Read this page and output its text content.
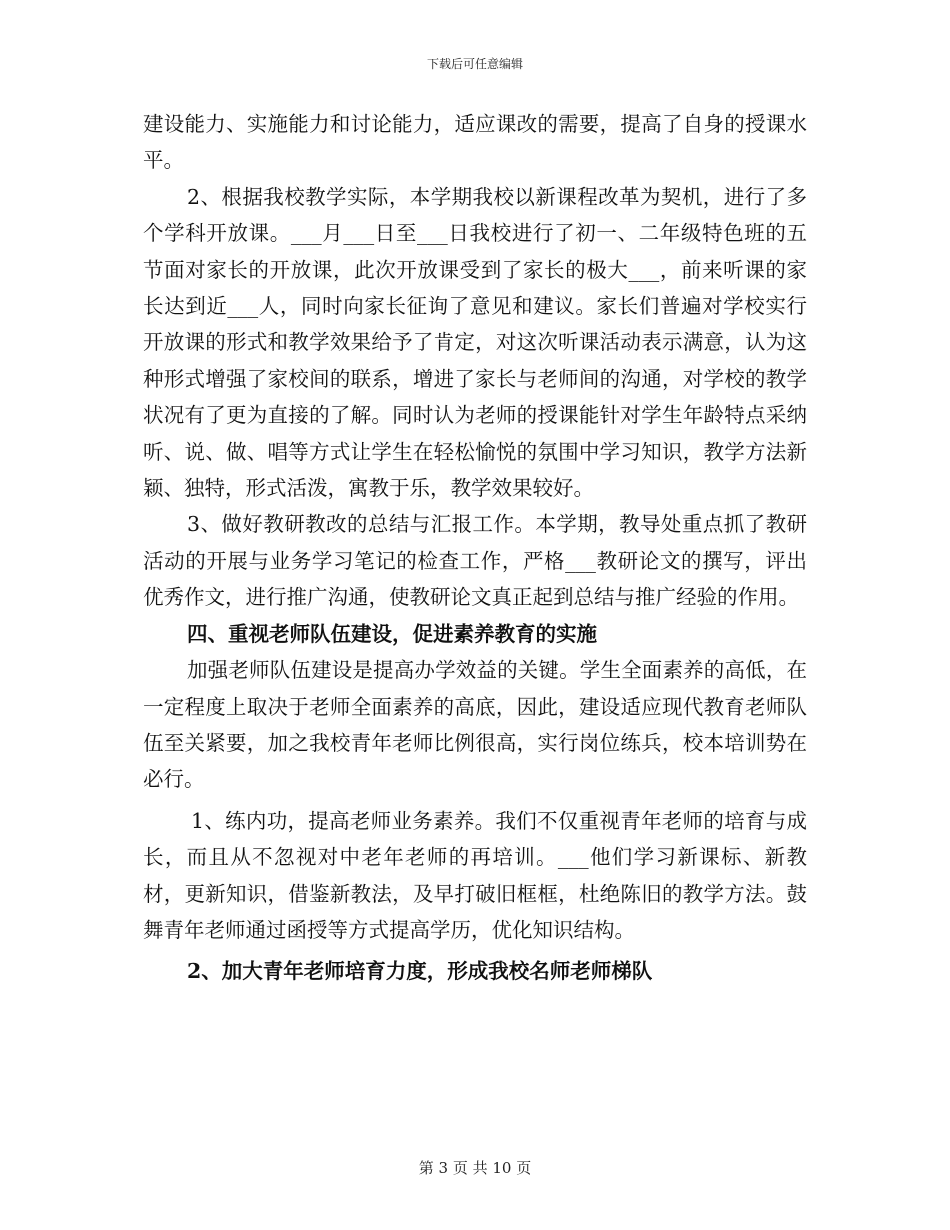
下载后可任意编辑

建设能力、实施能力和讨论能力，适应课改的需要，提高了自身的授课水平。

2、根据我校教学实际，本学期我校以新课程改革为契机，进行了多个学科开放课。___月___日至___日我校进行了初一、二年级特色班的五节面对家长的开放课，此次开放课受到了家长的极大___，前来听课的家长达到近___人，同时向家长征询了意见和建议。家长们普遍对学校实行开放课的形式和教学效果给予了肯定，对这次听课活动表示满意，认为这种形式增强了家校间的联系，增进了家长与老师间的沟通，对学校的教学状况有了更为直接的了解。同时认为老师的授课能针对学生年龄特点采纳听、说、做、唱等方式让学生在轻松愉悦的氛围中学习知识，教学方法新颖、独特，形式活泼，寓教于乐，教学效果较好。

3、做好教研教改的总结与汇报工作。本学期，教导处重点抓了教研活动的开展与业务学习笔记的检查工作，严格___教研论文的撰写，评出优秀作文，进行推广沟通，使教研论文真正起到总结与推广经验的作用。

四、重视老师队伍建设，促进素养教育的实施

加强老师队伍建设是提高办学效益的关键。学生全面素养的高低，在一定程度上取决于老师全面素养的高底，因此，建设适应现代教育老师队伍至关紧要，加之我校青年老师比例很高，实行岗位练兵，校本培训势在必行。

1、练内功，提高老师业务素养。我们不仅重视青年老师的培育与成长，而且从不忽视对中老年老师的再培训。___他们学习新课标、新教材，更新知识，借鉴新教法，及早打破旧框框，杜绝陈旧的教学方法。鼓舞青年老师通过函授等方式提高学历，优化知识结构。

2、加大青年老师培育力度，形成我校名师老师梯队

第 3 页 共 10 页
